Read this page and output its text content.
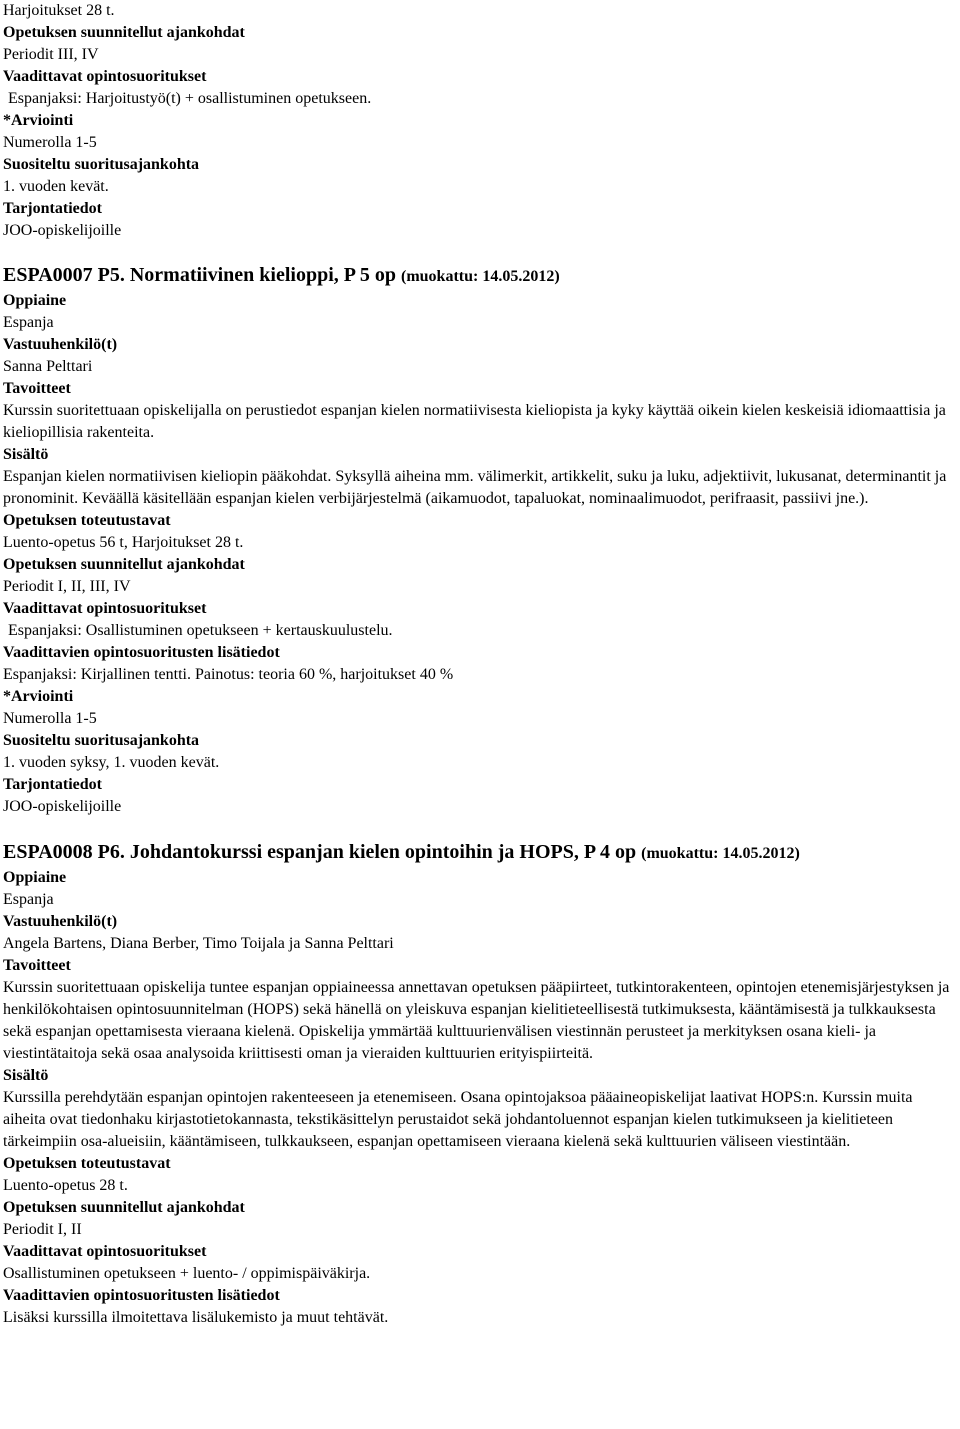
Harjoitukset 28 t.
Opetuksen suunnitellut ajankohdat
Periodit III, IV
Vaadittavat opintosuoritukset
Espanjaksi: Harjoitustyö(t) + osallistuminen opetukseen.
*Arviointi
Numerolla 1-5
Suositeltu suoritusajankohta
1. vuoden kevät.
Tarjontatiedot
JOO-opiskelijoille
ESPA0007 P5. Normatiivinen kielioppi, P 5 op (muokattu: 14.05.2012)
Oppiaine
Espanja
Vastuuhenkilö(t)
Sanna Pelttari
Tavoitteet
Kurssin suoritettuaan opiskelijalla on perustiedot espanjan kielen normatiivisesta kieliopista ja kyky käyttää oikein kielen keskeisiä idiomaattisia ja kieliopillisia rakenteita.
Sisältö
Espanjan kielen normatiivisen kieliopin pääkohdat. Syksyllä aiheina mm. välimerkit, artikkelit, suku ja luku, adjektiivit, lukusanat, determinantit ja pronominit. Keväällä käsitellään espanjan kielen verbijärjestelmä (aikamuodot, tapaluokat, nominaalimuodot, perifraasit, passiivi jne.).
Opetuksen toteutustavat
Luento-opetus 56 t, Harjoitukset 28 t.
Opetuksen suunnitellut ajankohdat
Periodit I, II, III, IV
Vaadittavat opintosuoritukset
Espanjaksi: Osallistuminen opetukseen + kertauskuulustelu.
Vaadittavien opintosuoritusten lisätiedot
Espanjaksi: Kirjallinen tentti. Painotus: teoria 60 %, harjoitukset 40 %
*Arviointi
Numerolla 1-5
Suositeltu suoritusajankohta
1. vuoden syksy, 1. vuoden kevät.
Tarjontatiedot
JOO-opiskelijoille
ESPA0008 P6. Johdantokurssi espanjan kielen opintoihin ja HOPS, P 4 op (muokattu: 14.05.2012)
Oppiaine
Espanja
Vastuuhenkilö(t)
Angela Bartens, Diana Berber, Timo Toijala ja Sanna Pelttari
Tavoitteet
Kurssin suoritettuaan opiskelija tuntee espanjan oppiaineessa annettavan opetuksen pääpiirteet, tutkintorakenteen, opintojen etenemisjärjestyksen ja henkilökohtaisen opintosuunnitelman (HOPS) sekä hänellä on yleiskuva espanjan kielitieteellisestä tutkimuksesta, kääntämisestä ja tulkkauksesta sekä espanjan opettamisesta vieraana kielenä. Opiskelija ymmärtää kulttuurienvälisen viestinnän perusteet ja merkityksen osana kieli- ja viestintätaitoja sekä osaa analysoida kriittisesti oman ja vieraiden kulttuurien erityispiirteitä.
Sisältö
Kurssilla perehdytään espanjan opintojen rakenteeseen ja etenemiseen. Osana opintojaksoa pääaineopiskelijat laativat HOPS:n. Kurssin muita aiheita ovat tiedonhaku kirjastotietokannasta, tekstikäsittelyn perustaidot sekä johdantoluennot espanjan kielen tutkimukseen ja kielitieteen tärkeimpiin osa-alueisiin, kääntämiseen, tulkkaukseen, espanjan opettamiseen vieraana kielenä sekä kulttuurien väliseen viestintään.
Opetuksen toteutustavat
Luento-opetus 28 t.
Opetuksen suunnitellut ajankohdat
Periodit I, II
Vaadittavat opintosuoritukset
Osallistuminen opetukseen + luento- / oppimispäiväkirja.
Vaadittavien opintosuoritusten lisätiedot
Lisäksi kurssilla ilmoitettava lisälukemisto ja muut tehtävät.
